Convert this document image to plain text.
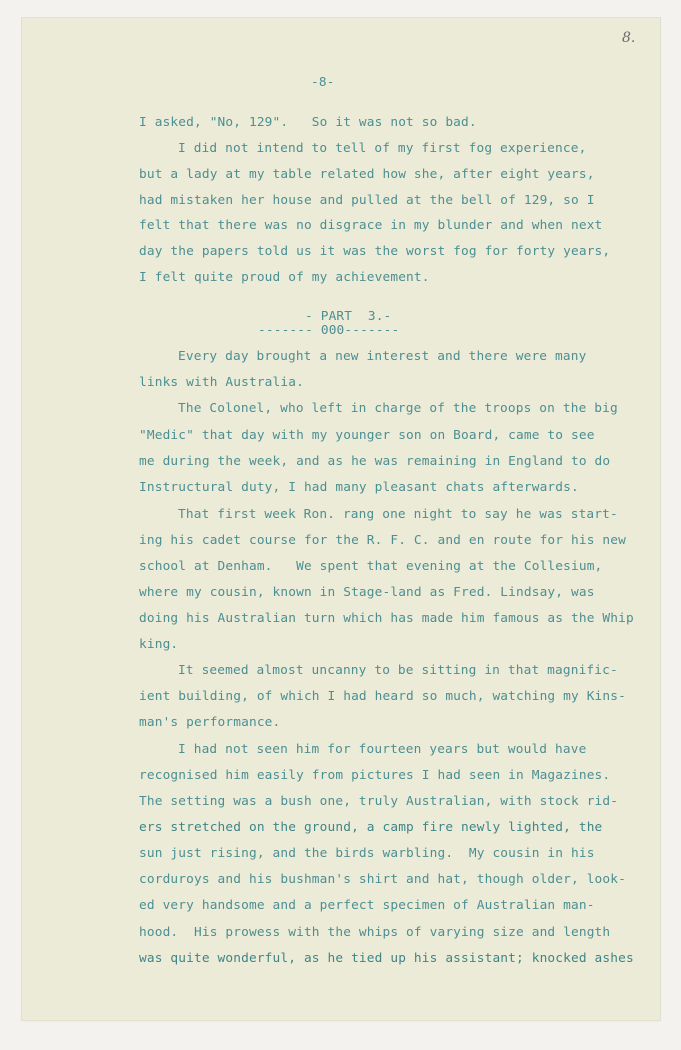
8.
-8-
I asked, "No, 129".   So it was not so bad.
I did not intend to tell of my first fog experience,
but a lady at my table related how she, after eight years,
had mistaken her house and pulled at the bell of 129, so I
felt that there was no disgrace in my blunder and when next
day the papers told us it was the worst fog for forty years,
I felt quite proud of my achievement.
- PART  3.-
------- 000-------
Every day brought a new interest and there were many
links with Australia.
The Colonel, who left in charge of the troops on the big
"Medic" that day with my younger son on Board, came to see
me during the week, and as he was remaining in England to do
Instructural duty, I had many pleasant chats afterwards.
That first week Ron. rang one night to say he was start-
ing his cadet course for the R. F. C. and en route for his new
school at Denham.   We spent that evening at the Collesium,
where my cousin, known in Stage-land as Fred. Lindsay, was
doing his Australian turn which has made him famous as the Whip
king.
It seemed almost uncanny to be sitting in that magnific-
ient building, of which I had heard so much, watching my Kins-
man's performance.
I had not seen him for fourteen years but would have
recognised him easily from pictures I had seen in Magazines.
The setting was a bush one, truly Australian, with stock rid-
ers stretched on the ground, a camp fire newly lighted, the
sun just rising, and the birds warbling.  My cousin in his
corduroys and his bushman's shirt and hat, though older, look-
ed very handsome and a perfect specimen of Australian man-
hood.  His prowess with the whips of varying size and length
was quite wonderful, as he tied up his assistant; knocked ashes
